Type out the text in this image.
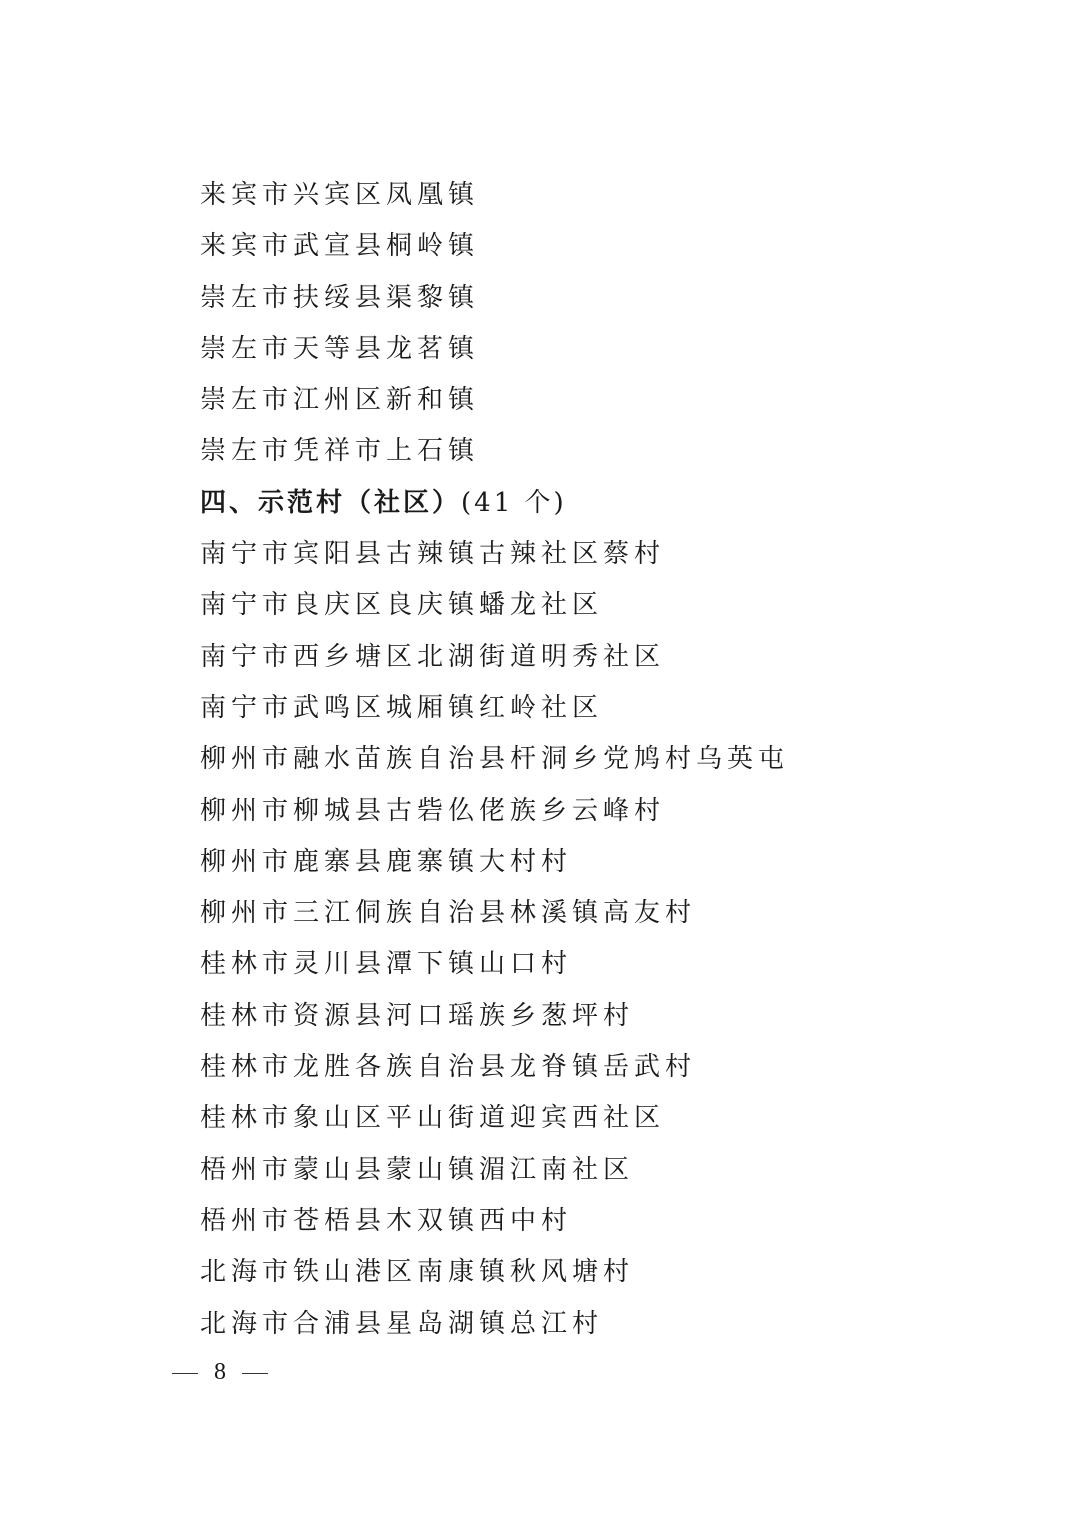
来宾市兴宾区凤凰镇
来宾市武宣县桐岭镇
崇左市扶绥县渠黎镇
崇左市天等县龙茗镇
崇左市江州区新和镇
崇左市凭祥市上石镇
四、示范村（社区）(41 个)
南宁市宾阳县古辣镇古辣社区蔡村
南宁市良庆区良庆镇蟠龙社区
南宁市西乡塘区北湖街道明秀社区
南宁市武鸣区城厢镇红岭社区
柳州市融水苗族自治县杆洞乡党鸠村乌英屯
柳州市柳城县古砦仫佬族乡云峰村
柳州市鹿寨县鹿寨镇大村村
柳州市三江侗族自治县林溪镇高友村
桂林市灵川县潭下镇山口村
桂林市资源县河口瑶族乡葱坪村
桂林市龙胜各族自治县龙脊镇岳武村
桂林市象山区平山街道迎宾西社区
梧州市蒙山县蒙山镇湄江南社区
梧州市苍梧县木双镇西中村
北海市铁山港区南康镇秋风塘村
北海市合浦县星岛湖镇总江村
8
